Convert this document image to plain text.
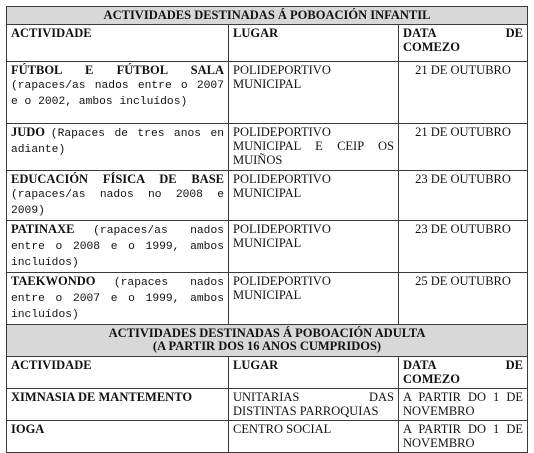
ACTIVIDADES DESTINADAS Á POBOACIÓN INFANTIL		
ACTIVIDADE	LUGAR	DATA DE
COMEZO

FÚTBOL E FÚTBOL SALA (rapaces/as nados entre o 2007 e o 2002, ambos incluídos)	POLIDEPORTIVO MUNICIPAL	21 DE OUTUBRO
JUDO (Rapaces de tres anos en adiante)	POLIDEPORTIVO MUNICIPAL E CEIP OS MUIÑOS	21 DE OUTUBRO
EDUCACIÓN FÍSICA DE BASE (rapaces/as nados no 2008 e 2009)	POLIDEPORTIVO MUNICIPAL	23 DE OUTUBRO
PATINAXE (rapaces/as nados entre o 2008 e o 1999, ambos incluídos)	POLIDEPORTIVO MUNICIPAL	23 DE OUTUBRO
TAEKWONDO (rapaces nados entre o 2007 e o 1999, ambos incluídos)	POLIDEPORTIVO MUNICIPAL	25 DE OUTUBRO

ACTIVIDADES DESTINADAS Á POBOACIÓN ADULTA
(A PARTIR DOS 16 ANOS CUMPRIDOS)		

ACTIVIDADE	LUGAR	DATA DE
COMEZO

XIMNASIA DE MANTEMENTO	UNITARIAS DAS DISTINTAS PARROQUIAS	A PARTIR DO 1 DE NOVEMBRO
IOGA	CENTRO SOCIAL	A PARTIR DO 1 DE NOVEMBRO
